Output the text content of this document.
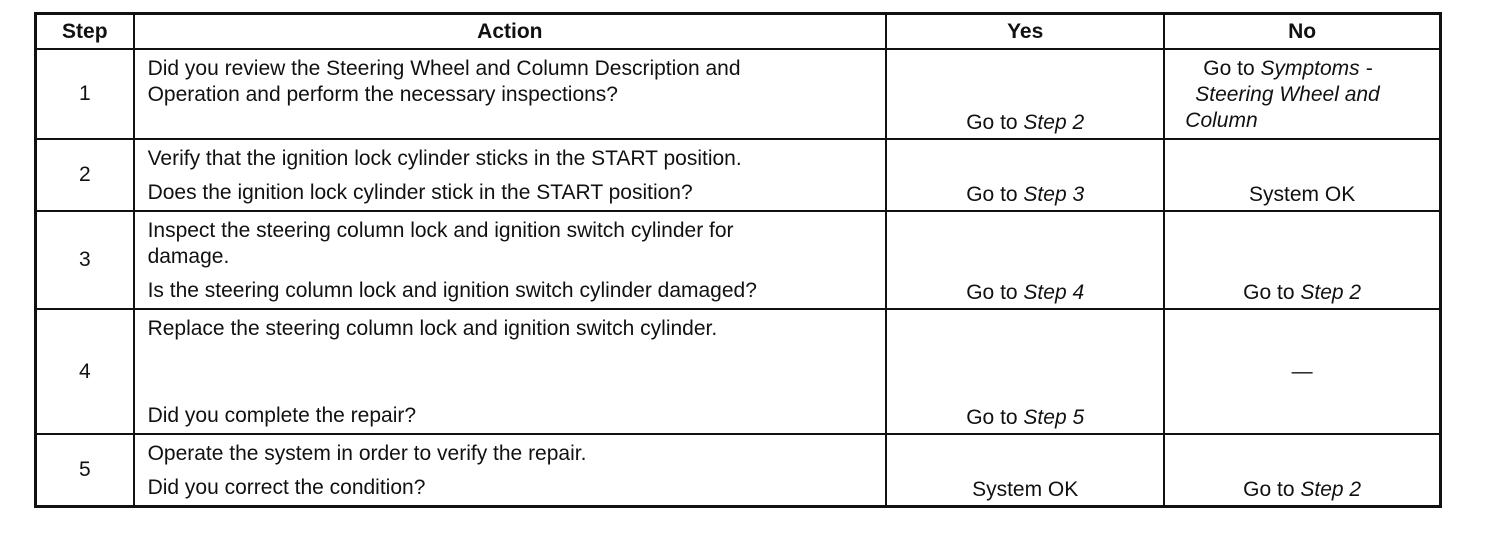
Step	Action	Yes	No
1	Did you review the Steering Wheel and Column Description and
Operation and perform the necessary inspections?	Go to Step 2	Go to Symptoms -
Steering Wheel and
Column

2	Verify that the ignition lock cylinder sticks in the START position.
Does the ignition lock cylinder stick in the START position?	Go to Step 3	System OK
3	Inspect the steering column lock and ignition switch cylinder for
damage.
Is the steering column lock and ignition switch cylinder damaged?	Go to Step 4	Go to Step 2
4	Replace the steering column lock and ignition switch cylinder.
Did you complete the repair?	Go to Step 5	—
5	Operate the system in order to verify the repair.
Did you correct the condition?	System OK	Go to Step 2
